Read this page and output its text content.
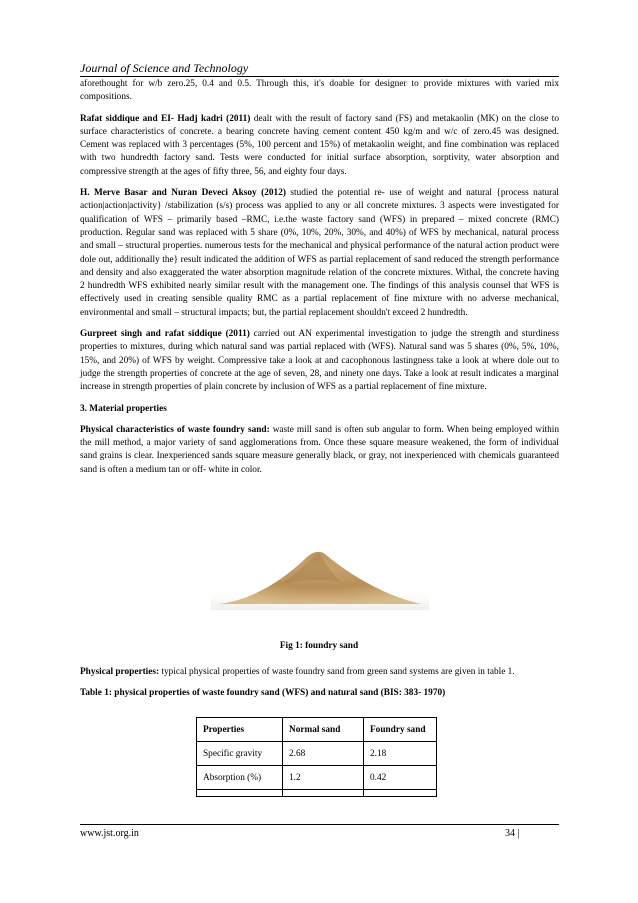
Journal of Science and Technology

aforethought for w/b zero.25, 0.4 and 0.5. Through this, it's doable for designer to provide mixtures with varied mix compositions.

Rafat siddique and EI- Hadj kadri (2011) dealt with the result of factory sand (FS) and metakaolin (MK) on the close to surface characteristics of concrete. a bearing concrete having cement content 450 kg/m and w/c of zero.45 was designed. Cement was replaced with 3 percentages (5%, 100 percent and 15%) of metakaolin weight, and fine combination was replaced with two hundredth factory sand. Tests were conducted for initial surface absorption, sorptivity, water absorption and compressive strength at the ages of fifty three, 56, and eighty four days.

H. Merve Basar and Nuran Deveci Aksoy (2012) studied the potential re- use of weight and natural {process natural action|action|activity} /stabilization (s/s) process was applied to any or all concrete mixtures. 3 aspects were investigated for qualification of WFS – primarily based –RMC, i.e.the waste factory sand (WFS) in prepared – mixed concrete (RMC) production. Regular sand was replaced with 5 share (0%, 10%, 20%, 30%, and 40%) of WFS by mechanical, natural process and small – structural properties. numerous tests for the mechanical and physical performance of the natural action product were dole out, additionally the} result indicated the addition of WFS as partial replacement of sand reduced the strength performance and density and also exaggerated the water absorption magnitude relation of the concrete mixtures. Withal, the concrete having 2 hundredth WFS exhibited nearly similar result with the management one. The findings of this analysis counsel that WFS is effectively used in creating sensible quality RMC as a partial replacement of fine mixture with no adverse mechanical, environmental and small – structural impacts; but, the partial replacement shouldn't exceed 2 hundredth.

Gurpreet singh and rafat siddique (2011) carried out AN experimental investigation to judge the strength and sturdiness properties to mixtures, during which natural sand was partial replaced with (WFS). Natural sand was 5 shares (0%, 5%, 10%, 15%, and 20%) of WFS by weight. Compressive take a look at and cacophonous lastingness take a look at where dole out to judge the strength properties of concrete at the age of seven, 28, and ninety one days. Take a look at result indicates a marginal increase in strength properties of plain concrete by inclusion of WFS as a partial replacement of fine mixture.

3. Material properties

Physical characteristics of waste foundry sand: waste mill sand is often sub angular to form. When being employed within the mill method, a major variety of sand agglomerations from. Once these square measure weakened, the form of individual sand grains is clear. Inexperienced sands square measure generally black, or gray, not inexperienced with chemicals guaranteed sand is often a medium tan or off- white in color.

Fig 1: foundry sand

Physical properties: typical physical properties of waste foundry sand from green sand systems are given in table 1.

Table 1: physical properties of waste foundry sand (WFS) and natural sand (BIS: 383- 1970)

Properties	Normal sand	Foundry sand
Specific gravity	2.68	2.18
Absorption (%)	1.2	0.42

www.jst.org.in	34 |
